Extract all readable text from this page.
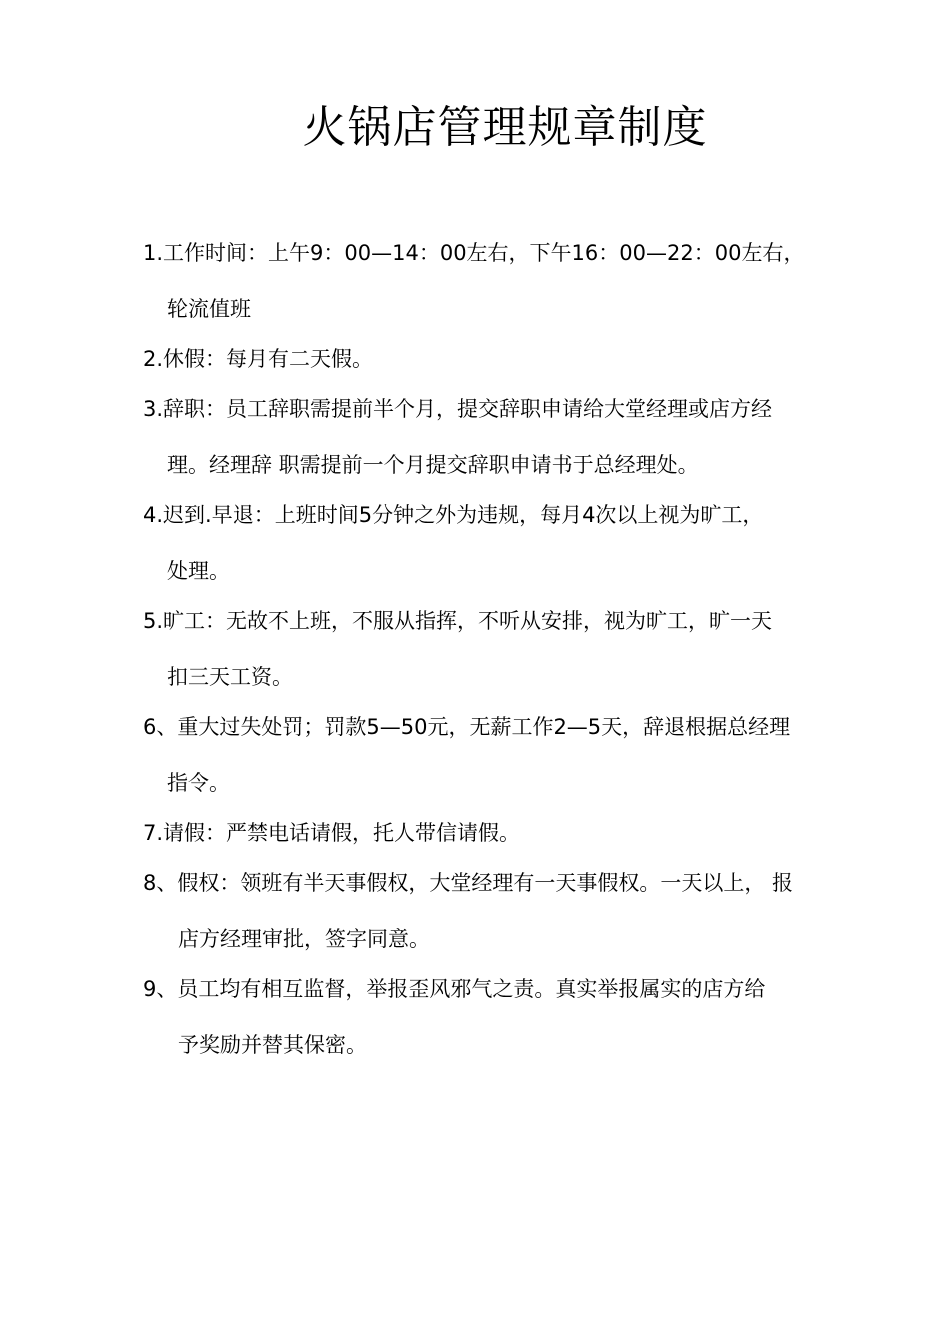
火锅店管理规章制度
1.工作时间：上午9：00—14：00左右，下午16：00—22：00左右，
轮流值班
2.休假：每月有二天假。
3.辞职：员工辞职需提前半个月，提交辞职申请给大堂经理或店方经
理。经理辞 职需提前一个月提交辞职申请书于总经理处。
4.迟到.早退：上班时间5分钟之外为违规，每月4次以上视为旷工，
处理。
5.旷工：无故不上班，不服从指挥，不听从安排，视为旷工，旷一天
扣三天工资。
6、重大过失处罚；罚款5—50元，无薪工作2—5天，辞退根据总经理
指令。
7.请假：严禁电话请假，托人带信请假。
8、假权：领班有半天事假权，大堂经理有一天事假权。一天以上， 报
店方经理审批，签字同意。
9、员工均有相互监督，举报歪风邪气之责。真实举报属实的店方给
予奖励并替其保密。
